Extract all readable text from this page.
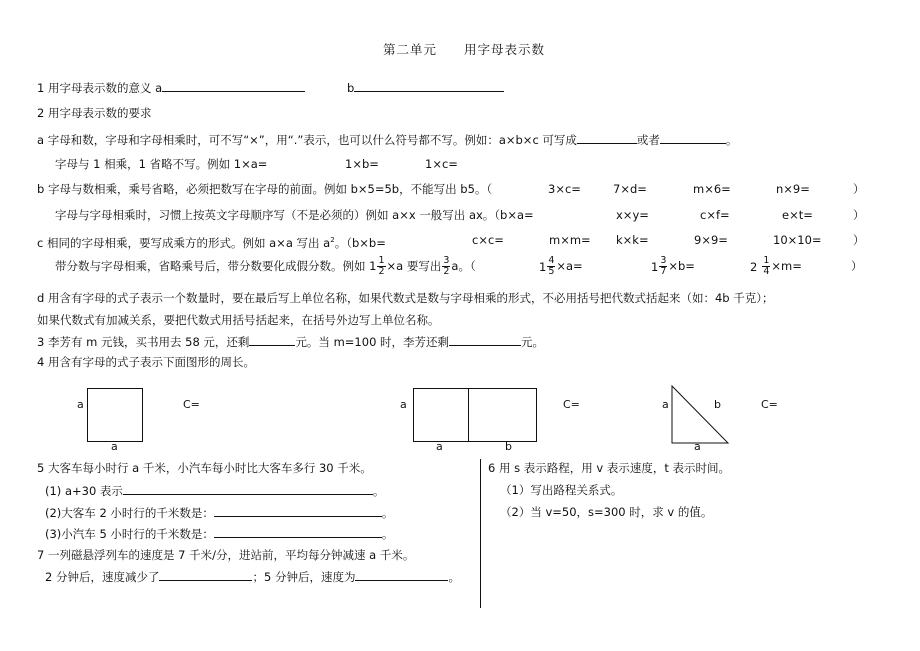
第二单元　　用字母表示数
1 用字母表示数的意义 a	b
2 用字母表示数的要求
a 字母和数，字母和字母相乘时，可不写“×”，用“.”表示，也可以什么符号都不写。例如：a×b×c 可写成	或者	。
字母与 1 相乘，1 省略不写。例如 1×a=	1×b=	1×c=
b 字母与数相乘，乘号省略，必须把数写在字母的前面。例如 b×5=5b，不能写出 b5。（	3×c=	7×d=	m×6=	n×9=	）
字母与字母相乘时，习惯上按英文字母顺序写（不是必须的）例如 a×x 一般写出 ax。（b×a=	x×y=	c×f=	e×t=	）
c 相同的字母相乘，要写成乘方的形式。例如 a×a 写出 $a^2$。（b×b=	c×c=	m×m= k×k=	9×9=	10×10=	）
带分数与字母相乘，省略乘号后，带分数要化成假分数。例如 $1 \frac{1}{2} \times a$ 要写出 $\frac{3}{2}$ a。（	$1 \frac{4}{5} \times a=$	$1 \frac{3}{7} \times b=$	$2 \frac{1}{4} \times m=$	）
d 用含有字母的式子表示一个数量时，要在最后写上单位名称，如果代数式是数与字母相乘的形式，不必用括号把代数式括起来（如：4b 千克）；
如果代数式有加减关系，要把代数式用括号括起来，在括号外边写上单位名称。
3 李芳有 m 元钱，买书用去 58 元，还剩	元。当 m=100 时，李芳还剩	元。
4 用含有字母的式子表示下面图形的周长。
a
a
C=	a
a	b
C=	a	b
a
C=
5 大客车每小时行 a 千米，小汽车每小时比大客车多行 30 千米。
(1) a+30 表示	。
(2)大客车 2 小时行的千米数是：	。
(3)小汽车 5 小时行的千米数是：	。
7 一列磁悬浮列车的速度是 7 千米/分，进站前，平均每分钟减速 a 千米。
2 分钟后，速度减少了	；5 分钟后，速度为	。
6 用 s 表示路程，用 v 表示速度，t 表示时间。
（1）写出路程关系式。
（2）当 v=50，s=300 时，求 v 的值。
